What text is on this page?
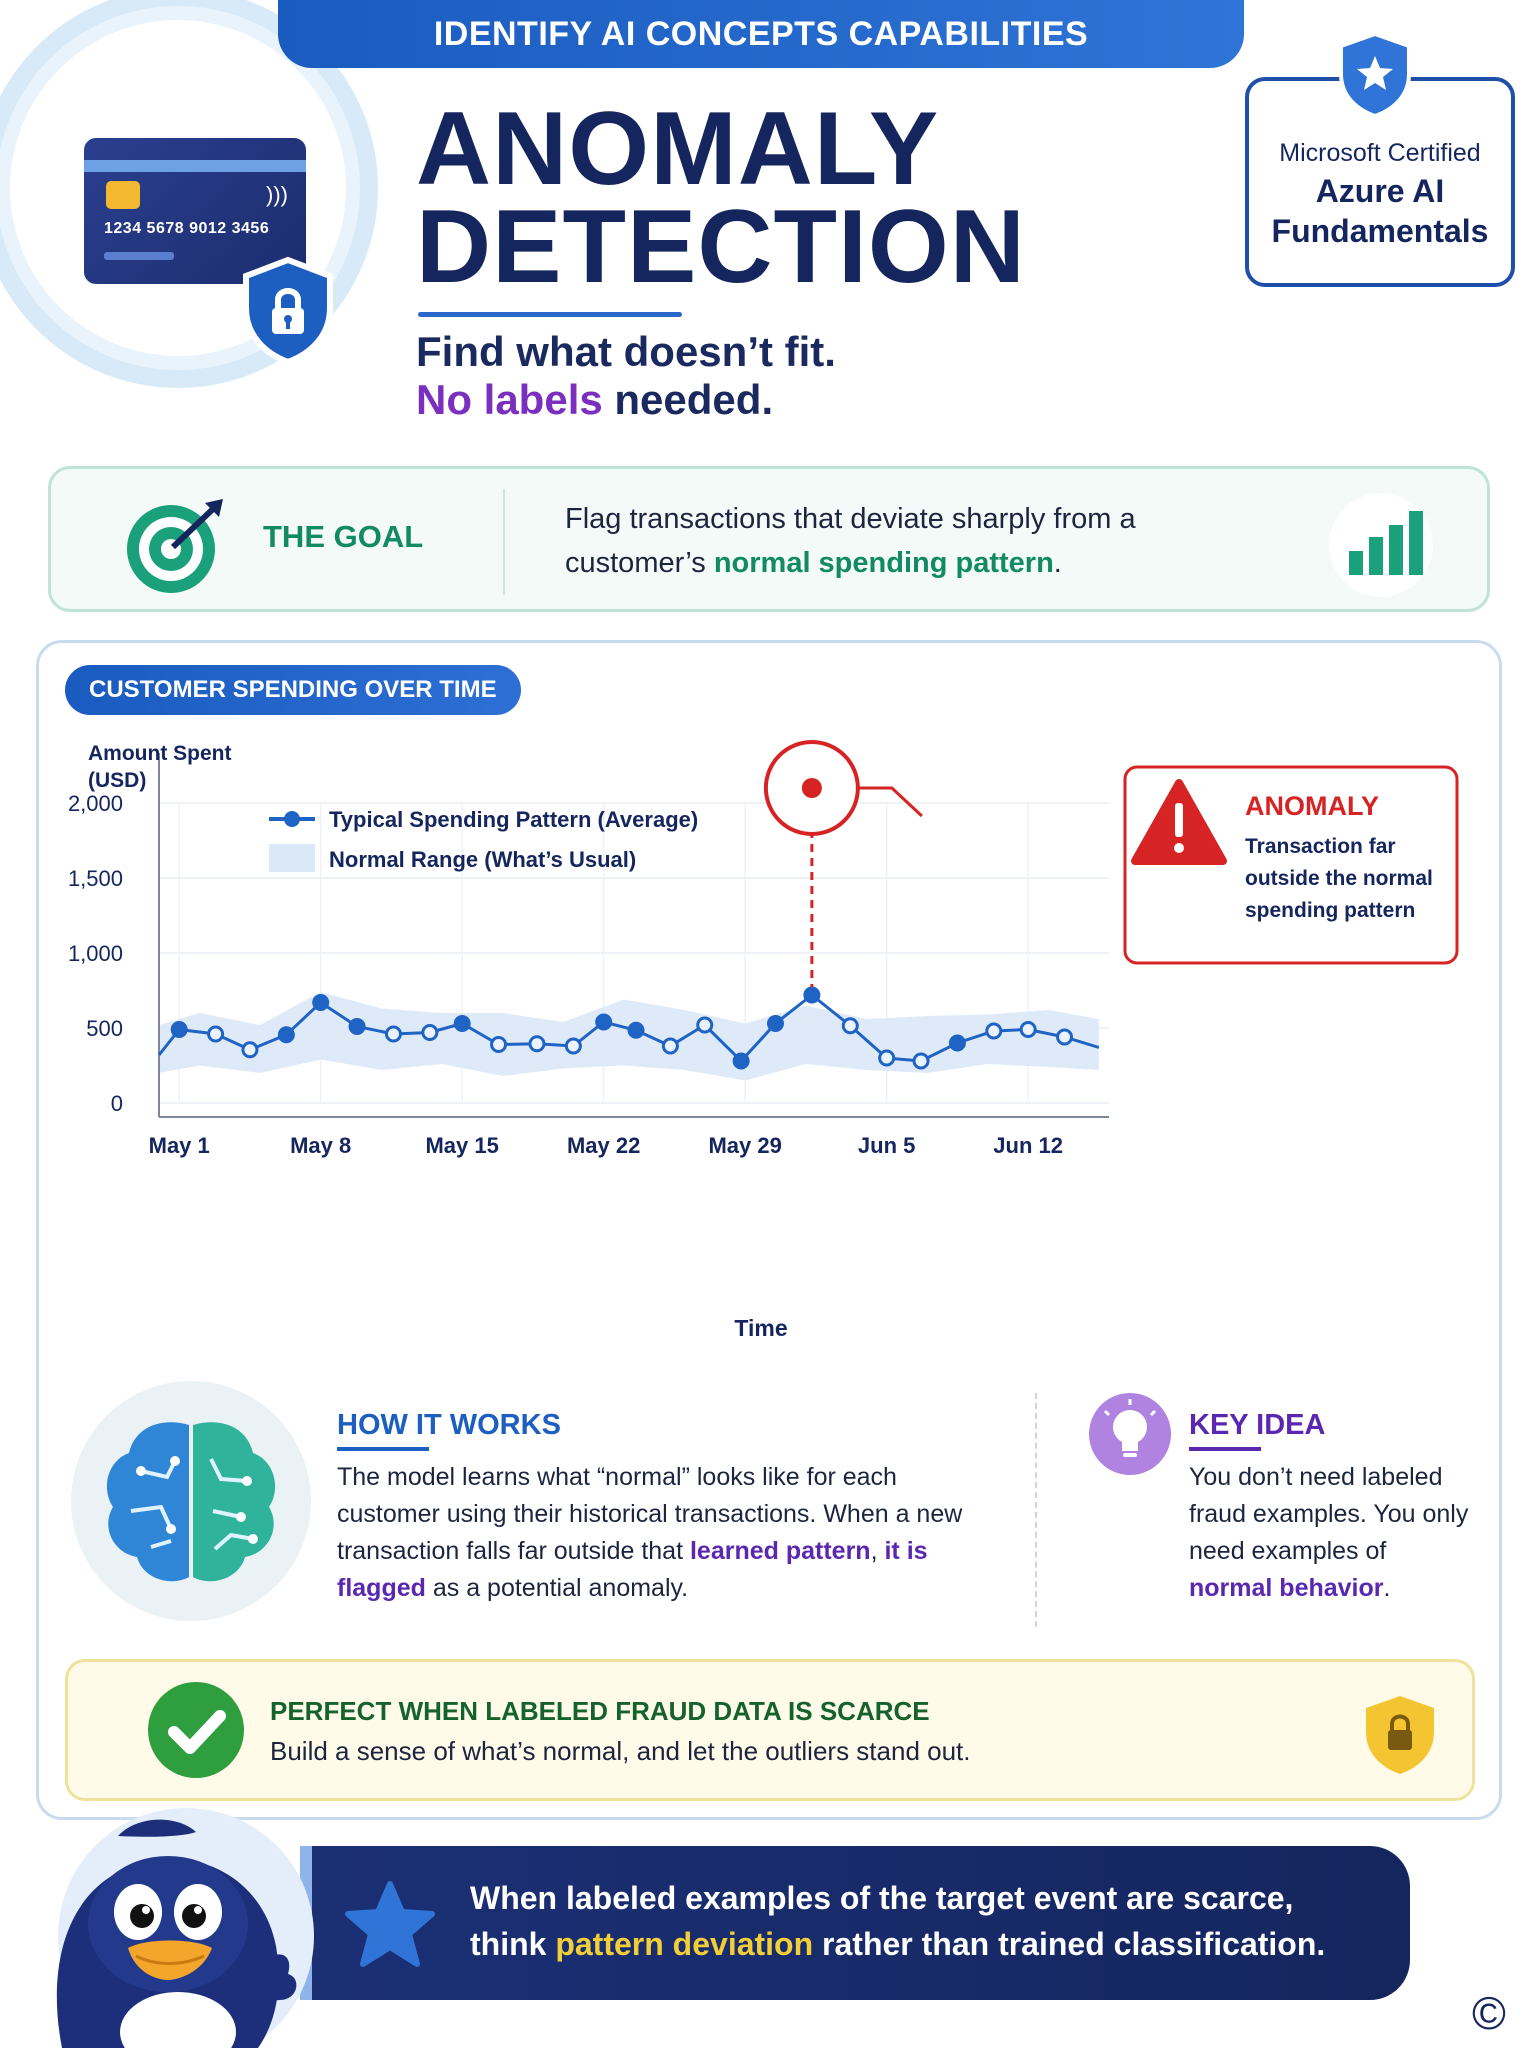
)))
1234 5678 9012 3456
IDENTIFY AI CONCEPTS CAPABILITIES
ANOMALY
DETECTION
Find what doesn’t fit.
No labels needed.
Microsoft Certified
Azure AI
Fundamentals
THE GOAL	Flag transactions that deviate sharply from a customer’s normal spending pattern.
CUSTOMER SPENDING OVER TIME
0
500
1,000
1,500
2,000
May 1	May 8	May 15	May 22	May 29	Jun 5	Jun 12
Amount Spent
(USD)
Time
Typical Spending Pattern (Average)
Normal Range (What’s Usual)
ANOMALY
Transaction far
outside the normal
spending pattern
HOW IT WORKS
The model learns what “normal” looks like for each customer using their historical transactions. When a new transaction falls far outside that learned pattern, it is flagged as a potential anomaly.
KEY IDEA
You don’t need labeled fraud examples. You only need examples of normal behavior.
PERFECT WHEN LABELED FRAUD DATA IS SCARCE
Build a sense of what’s normal, and let the outliers stand out.
When labeled examples of the target event are scarce,
think pattern deviation rather than trained classification.
©
